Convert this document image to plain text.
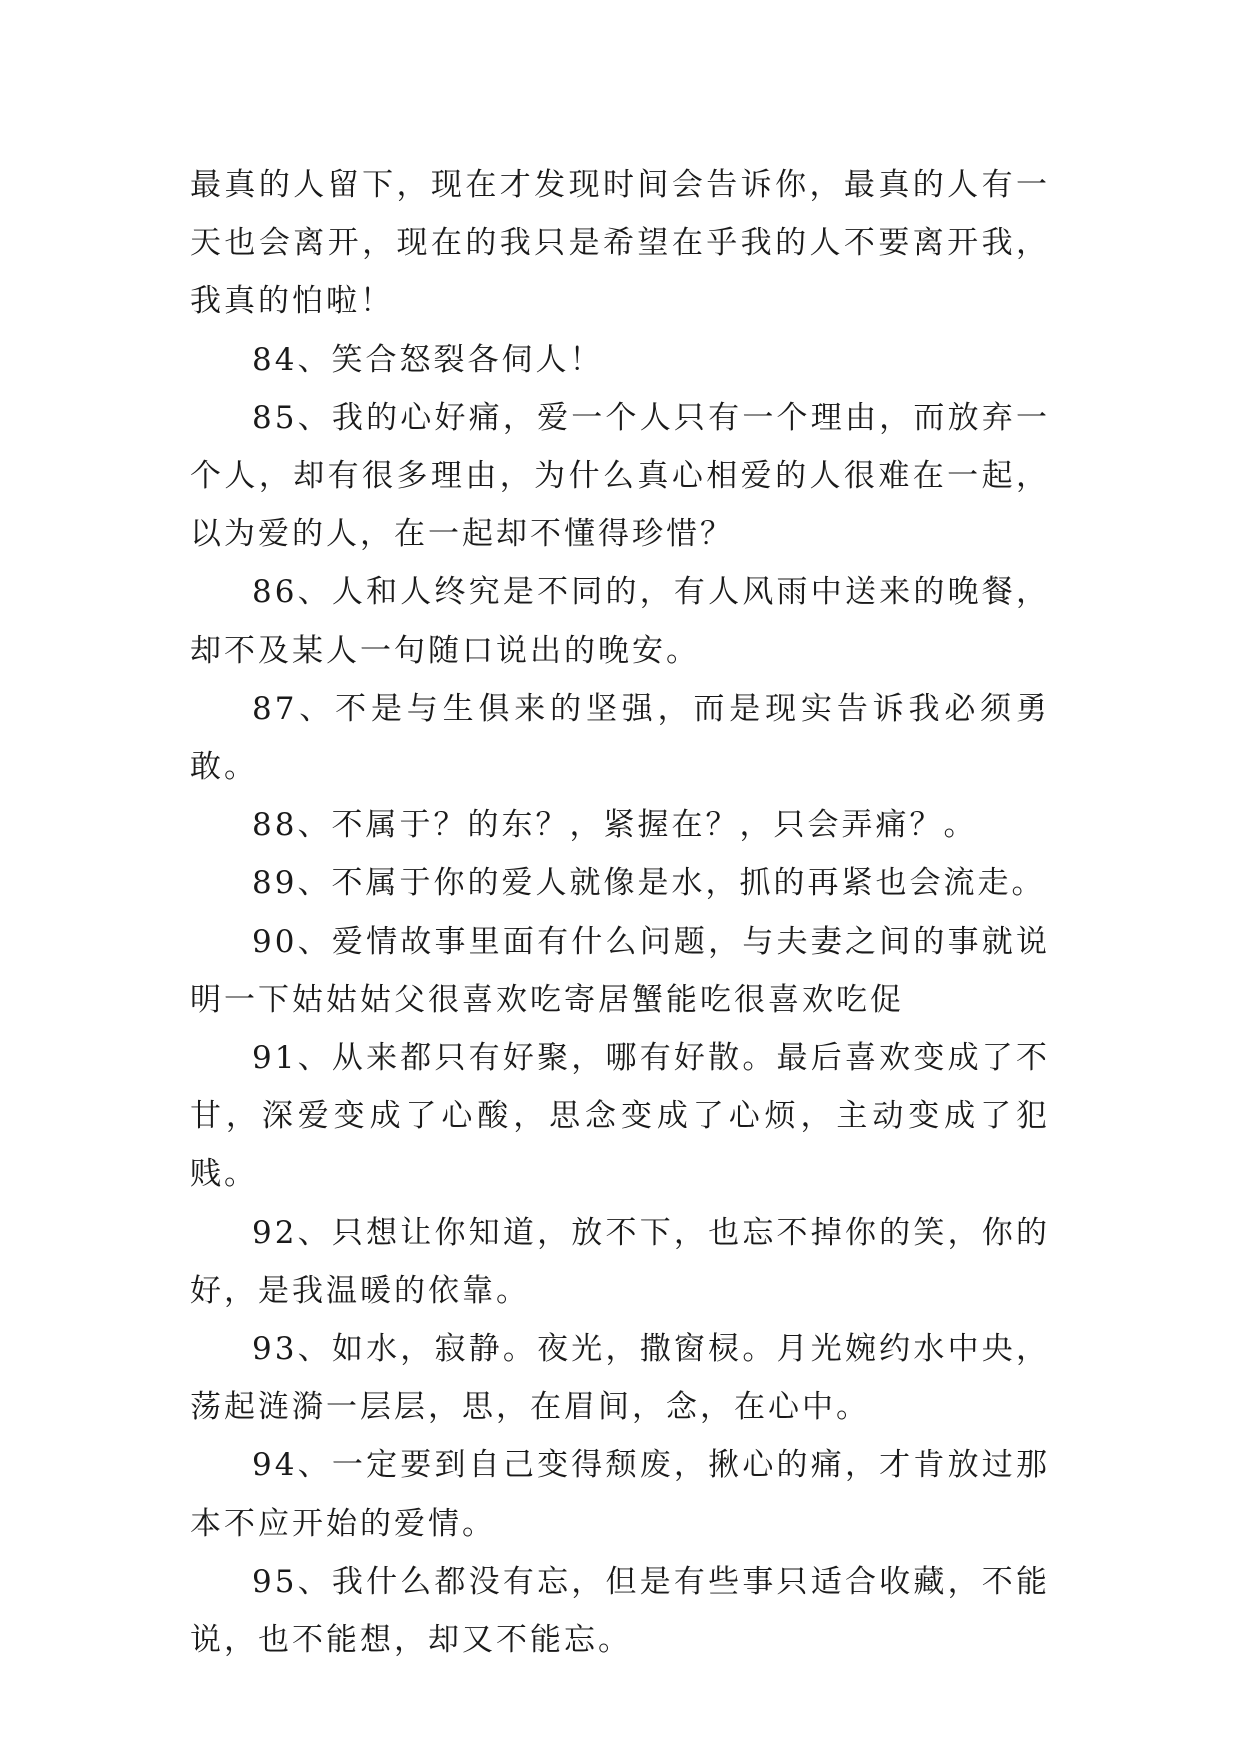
最真的人留下，现在才发现时间会告诉你，最真的人有一天也会离开，现在的我只是希望在乎我的人不要离开我，我真的怕啦！

84、笑合怒裂各伺人！

85、我的心好痛，爱一个人只有一个理由，而放弃一个人，却有很多理由，为什么真心相爱的人很难在一起，以为爱的人，在一起却不懂得珍惜？

86、人和人终究是不同的，有人风雨中送来的晚餐，却不及某人一句随口说出的晚安。

87、不是与生俱来的坚强，而是现实告诉我必须勇敢。

88、不属于？的东？，紧握在？，只会弄痛？。

89、不属于你的爱人就像是水，抓的再紧也会流走。

90、爱情故事里面有什么问题，与夫妻之间的事就说明一下姑姑姑父很喜欢吃寄居蟹能吃很喜欢吃促

91、从来都只有好聚，哪有好散。最后喜欢变成了不甘，深爱变成了心酸，思念变成了心烦，主动变成了犯贱。

92、只想让你知道，放不下，也忘不掉你的笑，你的好，是我温暖的依靠。

93、如水，寂静。夜光，撒窗棂。月光婉约水中央，荡起涟漪一层层，思，在眉间，念，在心中。

94、一定要到自己变得颓废，揪心的痛，才肯放过那本不应开始的爱情。

95、我什么都没有忘，但是有些事只适合收藏，不能说，也不能想，却又不能忘。
